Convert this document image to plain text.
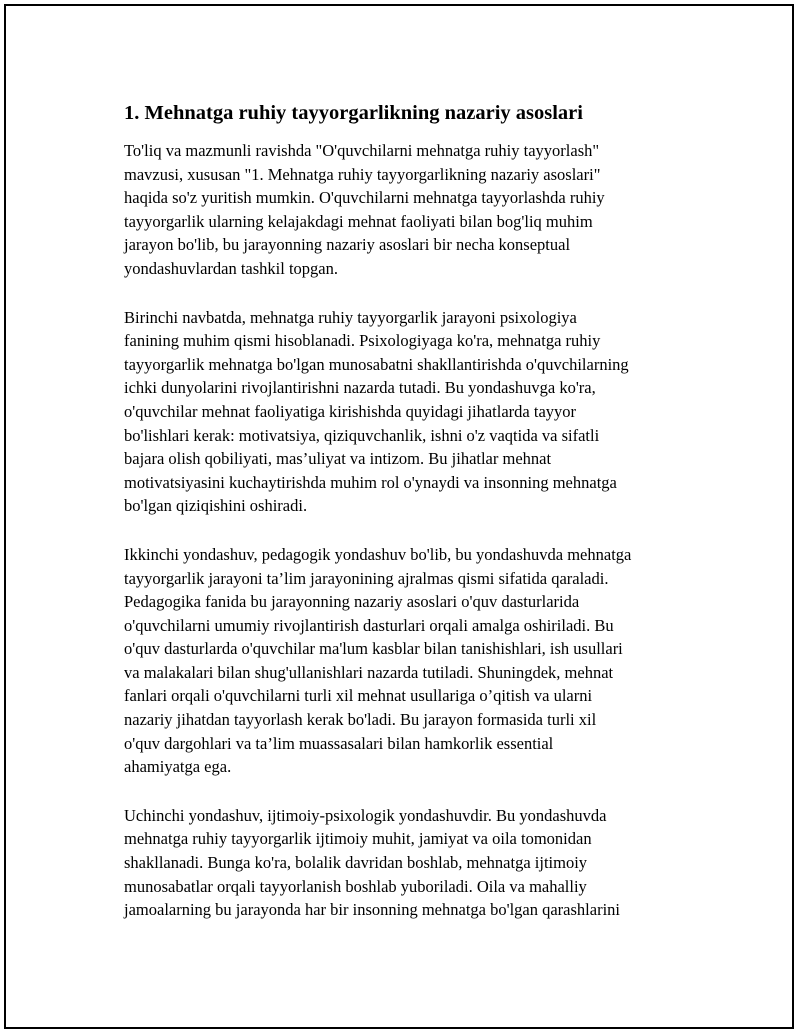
1. Mehnatga ruhiy tayyorgarlikning nazariy asoslari

To'liq va mazmunli ravishda "O'quvchilarni mehnatga ruhiy tayyorlash"
mavzusi, xususan "1. Mehnatga ruhiy tayyorgarlikning nazariy asoslari"
haqida so'z yuritish mumkin. O'quvchilarni mehnatga tayyorlashda ruhiy
tayyorgarlik ularning kelajakdagi mehnat faoliyati bilan bog'liq muhim
jarayon bo'lib, bu jarayonning nazariy asoslari bir necha konseptual
yondashuvlardan tashkil topgan.

Birinchi navbatda, mehnatga ruhiy tayyorgarlik jarayoni psixologiya
fanining muhim qismi hisoblanadi. Psixologiyaga ko'ra, mehnatga ruhiy
tayyorgarlik mehnatga bo'lgan munosabatni shakllantirishda o'quvchilarning
ichki dunyolarini rivojlantirishni nazarda tutadi. Bu yondashuvga ko'ra,
o'quvchilar mehnat faoliyatiga kirishishda quyidagi jihatlarda tayyor
bo'lishlari kerak: motivatsiya, qiziquvchanlik, ishni o'z vaqtida va sifatli
bajara olish qobiliyati, mas’uliyat va intizom. Bu jihatlar mehnat
motivatsiyasini kuchaytirishda muhim rol o'ynaydi va insonning mehnatga
bo'lgan qiziqishini oshiradi.

Ikkinchi yondashuv, pedagogik yondashuv bo'lib, bu yondashuvda mehnatga
tayyorgarlik jarayoni ta’lim jarayonining ajralmas qismi sifatida qaraladi.
Pedagogika fanida bu jarayonning nazariy asoslari o'quv dasturlarida
o'quvchilarni umumiy rivojlantirish dasturlari orqali amalga oshiriladi. Bu
o'quv dasturlarda o'quvchilar ma'lum kasblar bilan tanishishlari, ish usullari
va malakalari bilan shug'ullanishlari nazarda tutiladi. Shuningdek, mehnat
fanlari orqali o'quvchilarni turli xil mehnat usullariga o’qitish va ularni
nazariy jihatdan tayyorlash kerak bo'ladi. Bu jarayon formasida turli xil
o'quv dargohlari va ta’lim muassasalari bilan hamkorlik essential
ahamiyatga ega.

Uchinchi yondashuv, ijtimoiy-psixologik yondashuvdir. Bu yondashuvda
mehnatga ruhiy tayyorgarlik ijtimoiy muhit, jamiyat va oila tomonidan
shakllanadi. Bunga ko'ra, bolalik davridan boshlab, mehnatga ijtimoiy
munosabatlar orqali tayyorlanish boshlab yuboriladi. Oila va mahalliy
jamoalarning bu jarayonda har bir insonning mehnatga bo'lgan qarashlarini
